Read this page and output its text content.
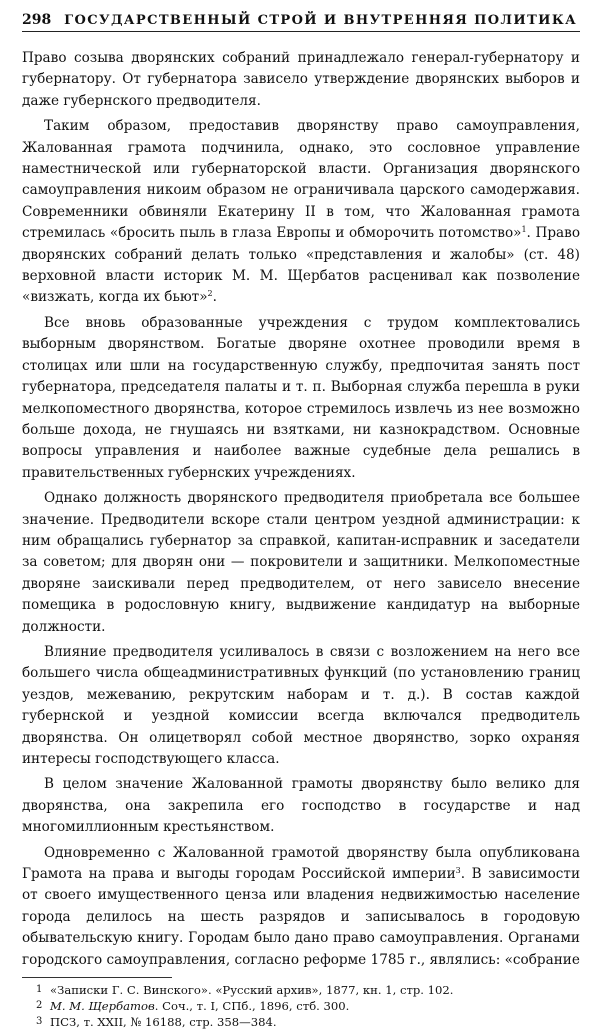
298 ГОСУДАРСТВЕННЫЙ СТРОЙ И ВНУТРЕННЯЯ ПОЛИТИКА

Право созыва дворянских собраний принадлежало генерал-губернатору и губернатору. От губернатора зависело утверждение дворянских выборов и даже губернского предводителя.

Таким образом, предоставив дворянству право самоуправления, Жалованная грамота подчинила, однако, это сословное управление наместнической или губернаторской власти. Организация дворянского самоуправления никоим образом не ограничивала царского самодержавия. Современники обвиняли Екатерину II в том, что Жалованная грамота стремилась «бросить пыль в глаза Европы и обморочить потомство»$^1$. Право дворянских собраний делать только «представления и жалобы» (ст. 48) верховной власти историк М. М. Щербатов расценивал как позволение «визжать, когда их бьют»$^2$.

Все вновь образованные учреждения с трудом комплектовались выборным дворянством. Богатые дворяне охотнее проводили время в столицах или шли на государственную службу, предпочитая занять пост губернатора, председателя палаты и т. п. Выборная служба перешла в руки мелкопоместного дворянства, которое стремилось извлечь из нее возможно больше дохода, не гнушаясь ни взятками, ни казнокрадством. Основные вопросы управления и наиболее важные судебные дела решались в правительственных губернских учреждениях.

Однако должность дворянского предводителя приобретала все большее значение. Предводители вскоре стали центром уездной администрации: к ним обращались губернатор за справкой, капитан-исправник и заседатели за советом; для дворян они — покровители и защитники. Мелкопоместные дворяне заискивали перед предводителем, от него зависело внесение помещика в родословную книгу, выдвижение кандидатур на выборные должности.

Влияние предводителя усиливалось в связи с возложением на него все большего числа общеадминистративных функций (по установлению границ уездов, межеванию, рекрутским наборам и т. д.). В состав каждой губернской и уездной комиссии всегда включался предводитель дворянства. Он олицетворял собой местное дворянство, зорко охраняя интересы господствующего класса.

В целом значение Жалованной грамоты дворянству было велико для дворянства, она закрепила его господство в государстве и над многомиллионным крестьянством.

Одновременно с Жалованной грамотой дворянству была опубликована Грамота на права и выгоды городам Российской империи$^3$. В зависимости от своего имущественного ценза или владения недвижимостью население города делилось на шесть разрядов и записывалось в городовую обывательскую книгу. Городам было дано право самоуправления. Органами городского самоуправления, согласно реформе 1785 г., являлись: «собрание

1 «Записки Г. С. Винского». «Русский архив», 1877, кн. 1, стр. 102.
2 М. М. Щербатов. Соч., т. I, СПб., 1896, стб. 300.
3 ПСЗ, т. XXII, № 16188, стр. 358—384.
